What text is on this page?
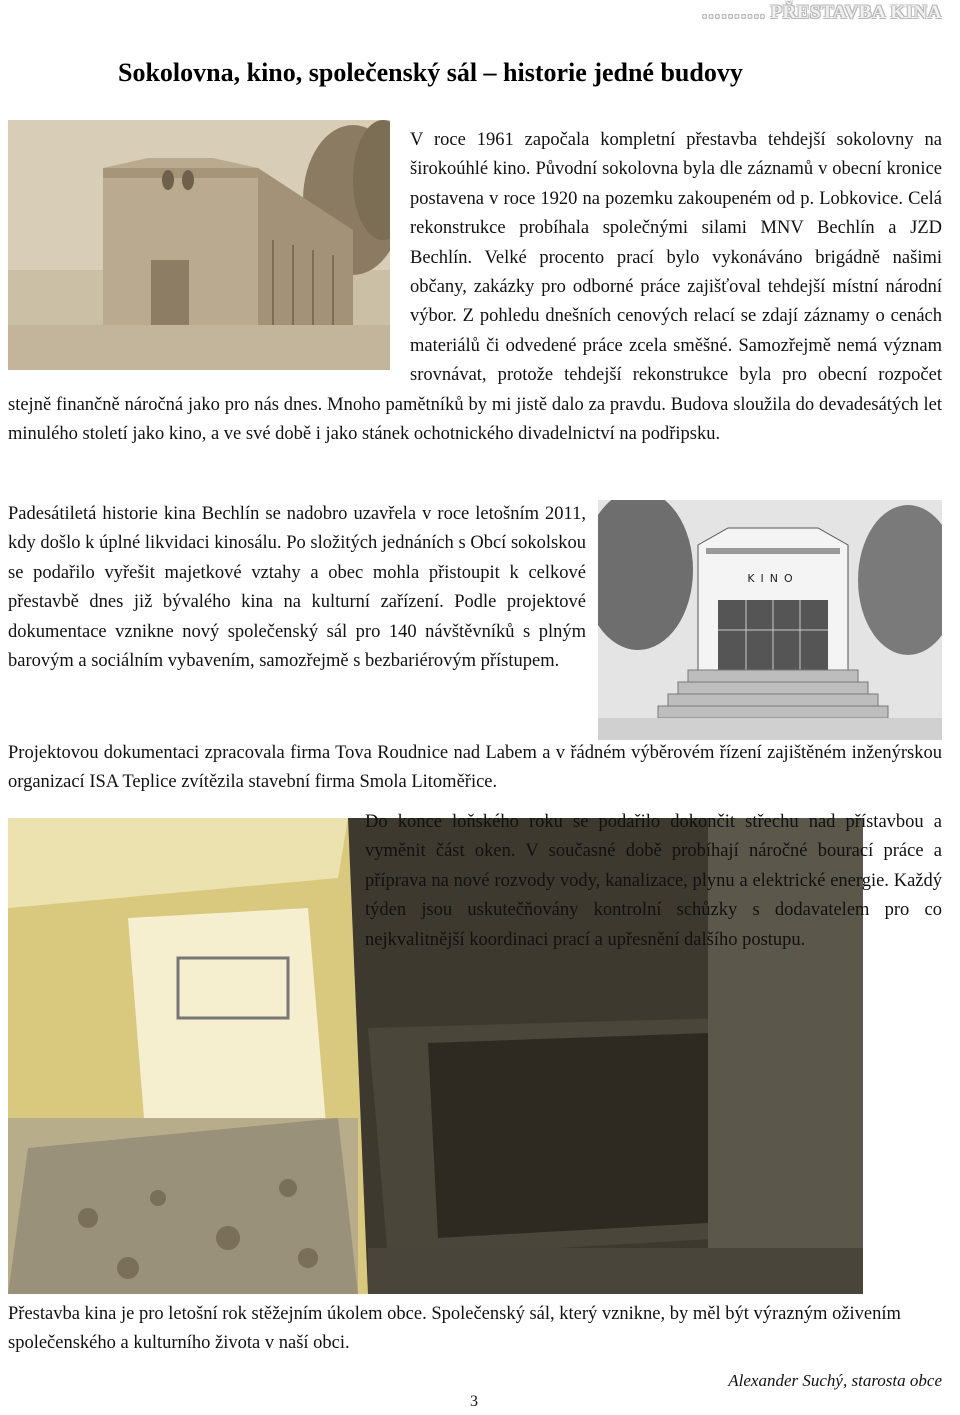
………. PŘESTAVBA KINA
Sokolovna, kino, společenský sál – historie jedné budovy

V roce 1961 započala kompletní přestavba tehdejší sokolovny na širokoúhlé kino. Původní sokolovna byla dle záznamů v obecní kronice postavena v roce 1920 na pozemku zakoupeném od p. Lobkovice. Celá rekonstrukce probíhala společnými silami MNV Bechlín a JZD Bechlín. Velké procento prací bylo vykonáváno brigádně našimi občany, zakázky pro odborné práce zajišťoval tehdejší místní národní výbor. Z pohledu dnešních cenových relací se zdají záznamy o cenách materiálů či odvedené práce zcela směšné. Samozřejmě nemá význam srovnávat, protože tehdejší rekonstrukce byla pro obecní rozpočet stejně finančně náročná jako pro nás dnes. Mnoho pamětníků by mi jistě dalo za pravdu. Budova sloužila do devadesátých let minulého století jako kino, a ve své době i jako stánek ochotnického divadelnictví na podřipsku.

KINO

Padesátiletá historie kina Bechlín se nadobro uzavřela v roce letošním 2011, kdy došlo k úplné likvidaci kinosálu. Po složitých jednáních s Obcí sokolskou se podařilo vyřešit majetkové vztahy a obec mohla přistoupit k celkové přestavbě dnes již bývalého kina na kulturní zařízení. Podle projektové dokumentace vznikne nový společenský sál pro 140 návštěvníků s plným barovým a sociálním vybavením, samozřejmě s bezbariérovým přístupem.

Projektovou dokumentaci zpracovala firma Tova Roudnice nad Labem a v řádném výběrovém řízení zajištěném inženýrskou organizací ISA Teplice zvítězila stavební firma Smola Litoměřice.

Do konce loňského roku se podařilo dokončit střechu nad přístavbou a vyměnit část oken. V současné době probíhají náročné bourací práce a příprava na nové rozvody vody, kanalizace, plynu a elektrické energie. Každý týden jsou uskutečňovány kontrolní schůzky s dodavatelem pro co nejkvalitnější koordinaci prací a upřesnění dalšího postupu.

Přestavba kina je pro letošní rok stěžejním úkolem obce. Společenský sál, který vznikne, by měl být výrazným oživením společenského a kulturního života v naší obci.

Alexander Suchý, starosta obce
3
